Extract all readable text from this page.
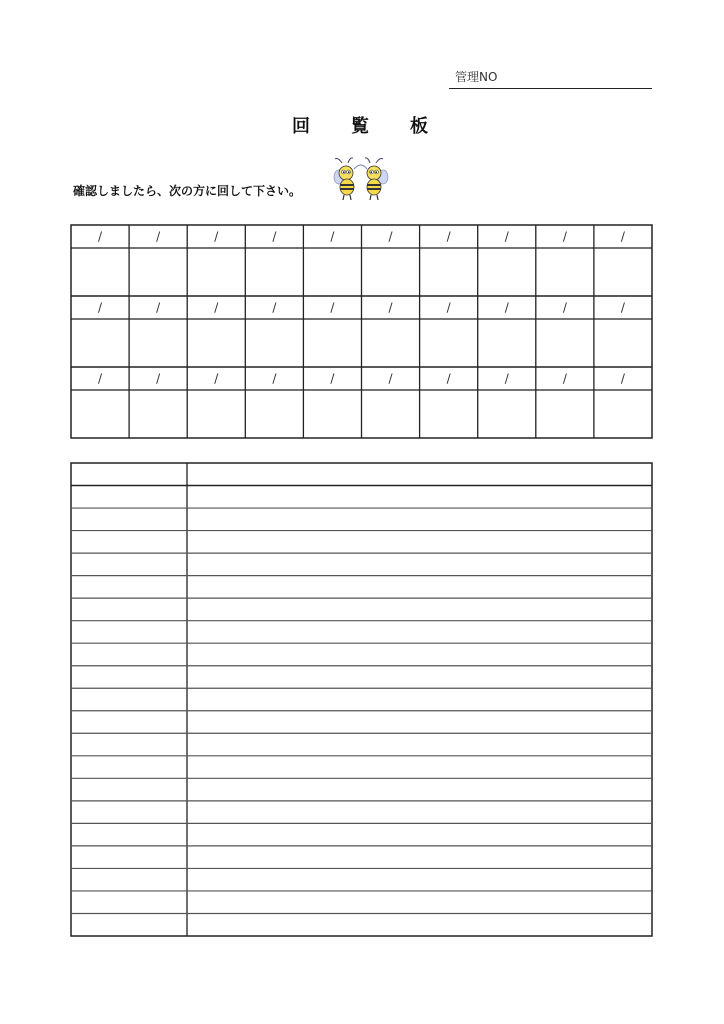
管理NO
回 覧 板
確認しましたら、次の方に回して下さい。
/	/	/	/	/	/	/	/	/	/
/	/	/	/	/	/	/	/	/	/
/	/	/	/	/	/	/	/	/	/
